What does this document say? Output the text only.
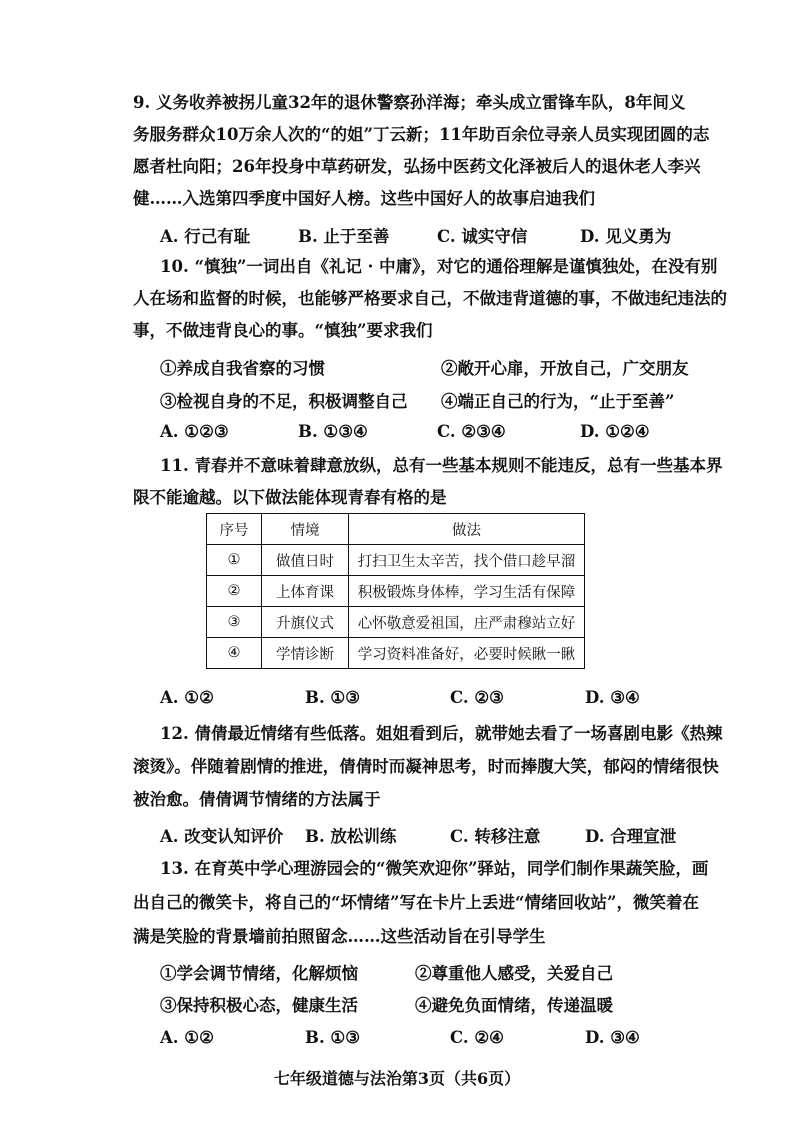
9. 义务收养被拐儿童32年的退休警察孙洋海；牵头成立雷锋车队，8年间义
务服务群众10万余人次的“的姐”丁云新；11年助百余位寻亲人员实现团圆的志
愿者杜向阳；26年投身中草药研发，弘扬中医药文化泽被后人的退休老人李兴
健……入选第四季度中国好人榜。这些中国好人的故事启迪我们
A. 行己有耻	B. 止于至善	C. 诚实守信	D. 见义勇为
10. “慎独”一词出自《礼记 · 中庸》，对它的通俗理解是谨慎独处，在没有别
人在场和监督的时候，也能够严格要求自己，不做违背道德的事，不做违纪违法的
事，不做违背良心的事。“慎独”要求我们
①养成自我省察的习惯	②敞开心扉，开放自己，广交朋友
③检视自身的不足，积极调整自己 ④端正自己的行为，“止于至善”
A. ①②③	B. ①③④	C. ②③④	D. ①②④
11. 青春并不意味着肆意放纵，总有一些基本规则不能违反，总有一些基本界
限不能逾越。以下做法能体现青春有格的是
序号	情境	做法
①	做值日时	打扫卫生太辛苦，找个借口趁早溜
②	上体育课	积极锻炼身体棒，学习生活有保障
③	升旗仪式	心怀敬意爱祖国，庄严肃穆站立好
④	学情诊断	学习资料准备好，必要时候瞅一瞅
A. ①②	B. ①③	C. ②③	D. ③④
12. 倩倩最近情绪有些低落。姐姐看到后，就带她去看了一场喜剧电影《热辣
滚烫》。伴随着剧情的推进，倩倩时而凝神思考，时而捧腹大笑，郁闷的情绪很快
被治愈。倩倩调节情绪的方法属于
A. 改变认知评价 B. 放松训练	C. 转移注意	D. 合理宣泄
13. 在育英中学心理游园会的“微笑欢迎你”驿站，同学们制作果蔬笑脸，画
出自己的微笑卡，将自己的“坏情绪”写在卡片上丢进“情绪回收站”，微笑着在
满是笑脸的背景墙前拍照留念……这些活动旨在引导学生
①学会调节情绪，化解烦恼	②尊重他人感受，关爱自己
③保持积极心态，健康生活	④避免负面情绪，传递温暖
A. ①②	B. ①③	C. ②④	D. ③④
七年级道德与法治第3页（共6页）
